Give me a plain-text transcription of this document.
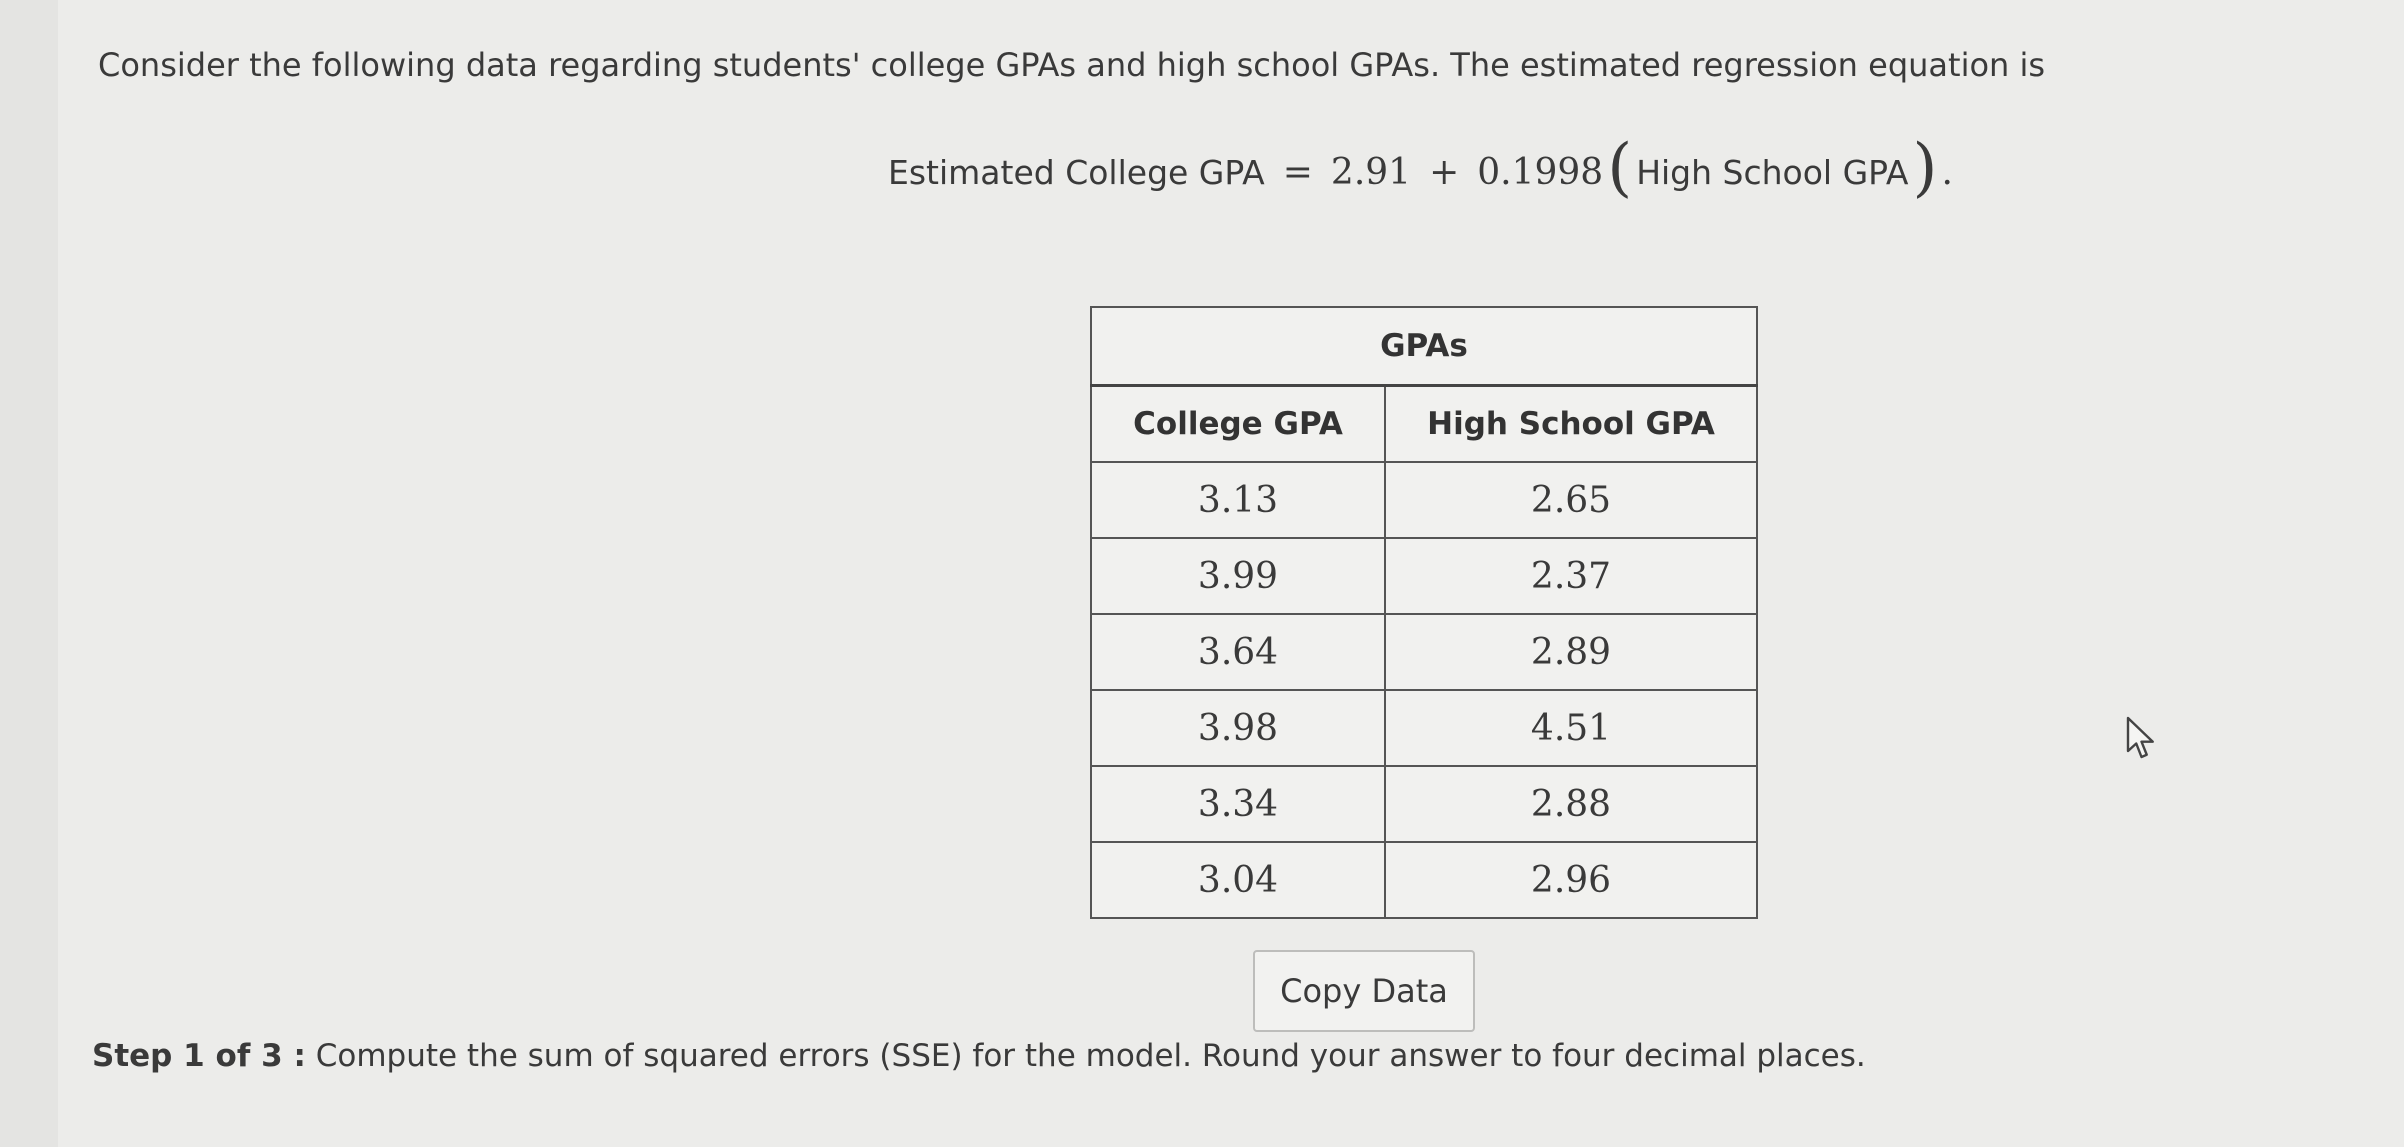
Consider the following data regarding students' college GPAs and high school GPAs. The estimated regression equation is
Estimated College GPA = 2.91 + 0.1998 ( High School GPA ) .
GPAs	
College GPA	High School GPA
3.13	2.65
3.99	2.37
3.64	2.89
3.98	4.51
3.34	2.88
3.04	2.96
Copy Data
Step 1 of 3 : Compute the sum of squared errors (SSE) for the model. Round your answer to four decimal places.
